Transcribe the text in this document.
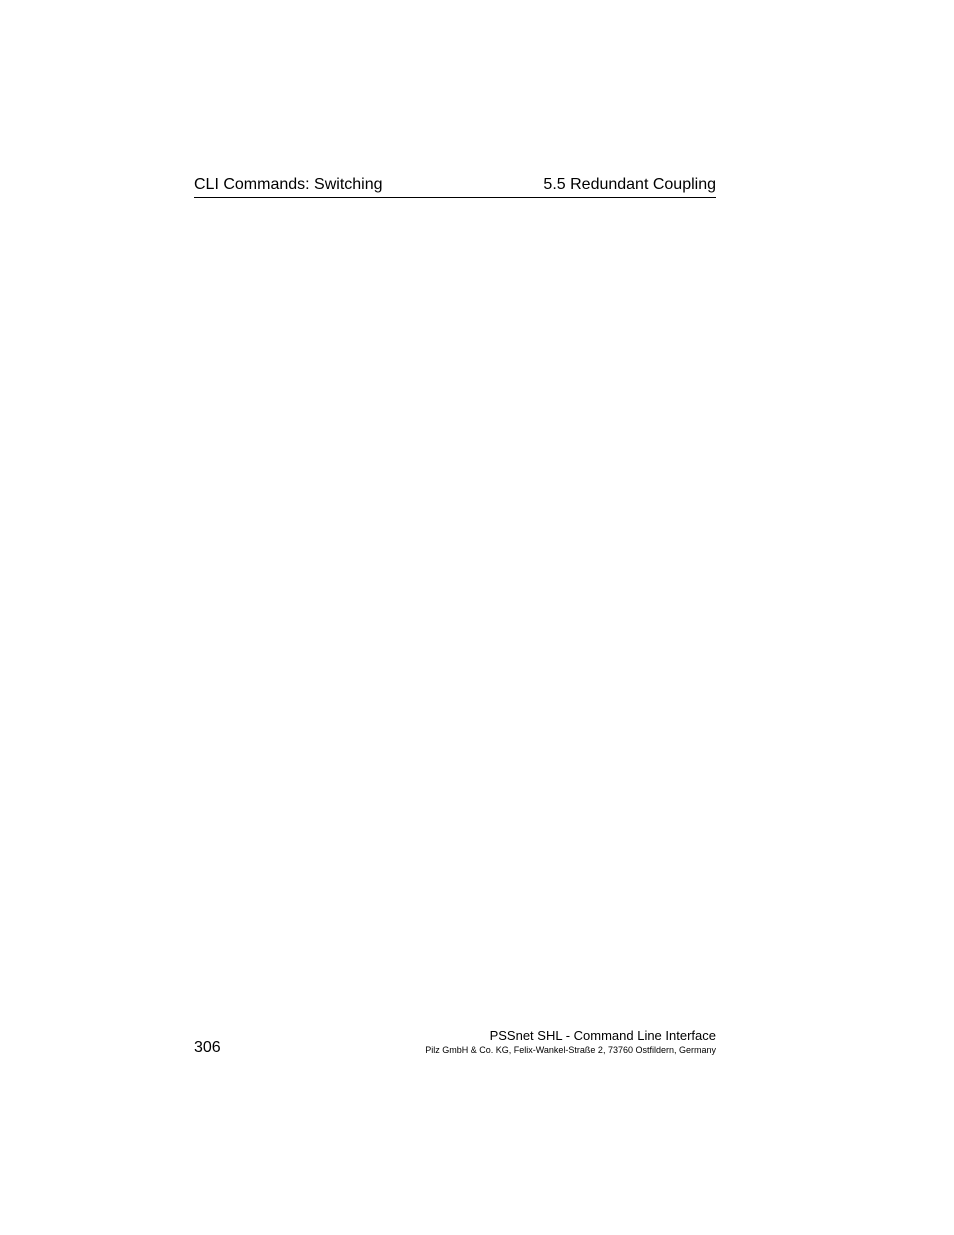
CLI Commands: Switching	5.5 Redundant Coupling
306
PSSnet SHL - Command Line Interface
Pilz GmbH & Co. KG, Felix-Wankel-Straße 2, 73760 Ostfildern, Germany
